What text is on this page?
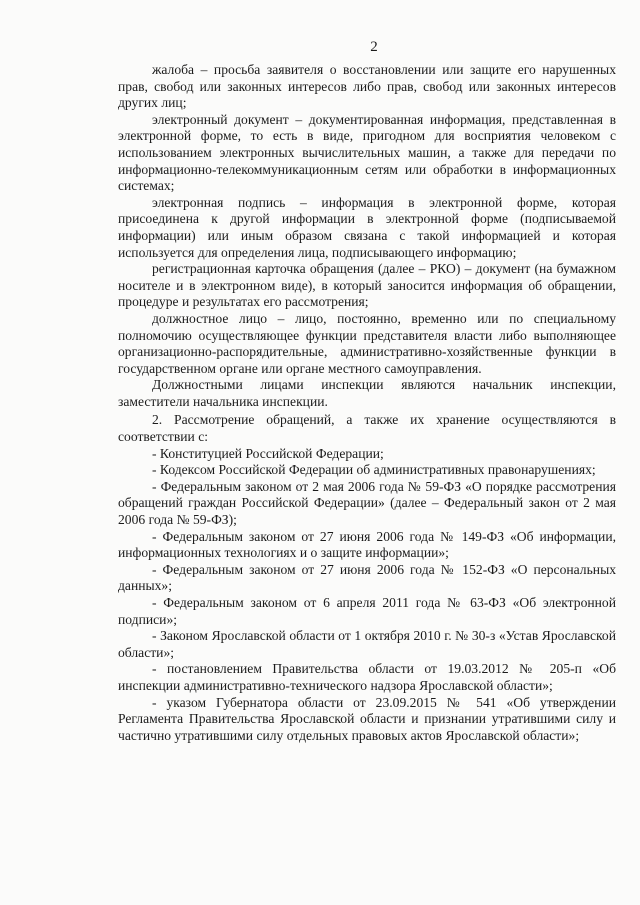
2

жалоба – просьба заявителя о восстановлении или защите его нарушенных прав, свобод или законных интересов либо прав, свобод или законных интересов других лиц;

электронный документ – документированная информация, представленная в электронной форме, то есть в виде, пригодном для восприятия человеком с использованием электронных вычислительных машин, а также для передачи по информационно-телекоммуникационным сетям или обработки в информационных системах;

электронная подпись – информация в электронной форме, которая присоединена к другой информации в электронной форме (подписываемой информации) или иным образом связана с такой информацией и которая используется для определения лица, подписывающего информацию;

регистрационная карточка обращения (далее – РКО) – документ (на бумажном носителе и в электронном виде), в который заносится информация об обращении, процедуре и результатах его рассмотрения;

должностное лицо – лицо, постоянно, временно или по специальному полномочию осуществляющее функции представителя власти либо выполняющее организационно-распорядительные, административно-хозяйственные функции в государственном органе или органе местного самоуправления.

Должностными лицами инспекции являются начальник инспекции, заместители начальника инспекции.

2. Рассмотрение обращений, а также их хранение осуществляются в соответствии с:

- Конституцией Российской Федерации;

- Кодексом Российской Федерации об административных правонарушениях;

- Федеральным законом от 2 мая 2006 года № 59-ФЗ «О порядке рассмотрения обращений граждан Российской Федерации» (далее – Федеральный закон от 2 мая 2006 года № 59-ФЗ);

- Федеральным законом от 27 июня 2006 года № 149-ФЗ «Об информации, информационных технологиях и о защите информации»;

- Федеральным законом от 27 июня 2006 года № 152-ФЗ «О персональных данных»;

- Федеральным законом от 6 апреля 2011 года № 63-ФЗ «Об электронной подписи»;

- Законом Ярославской области от 1 октября 2010 г. № 30-з «Устав Ярославской области»;

- постановлением Правительства области от 19.03.2012 № 205-п «Об инспекции административно-технического надзора Ярославской области»;

- указом Губернатора области от 23.09.2015 № 541 «Об утверждении Регламента Правительства Ярославской области и признании утратившими силу и частично утратившими силу отдельных правовых актов Ярославской области»;
